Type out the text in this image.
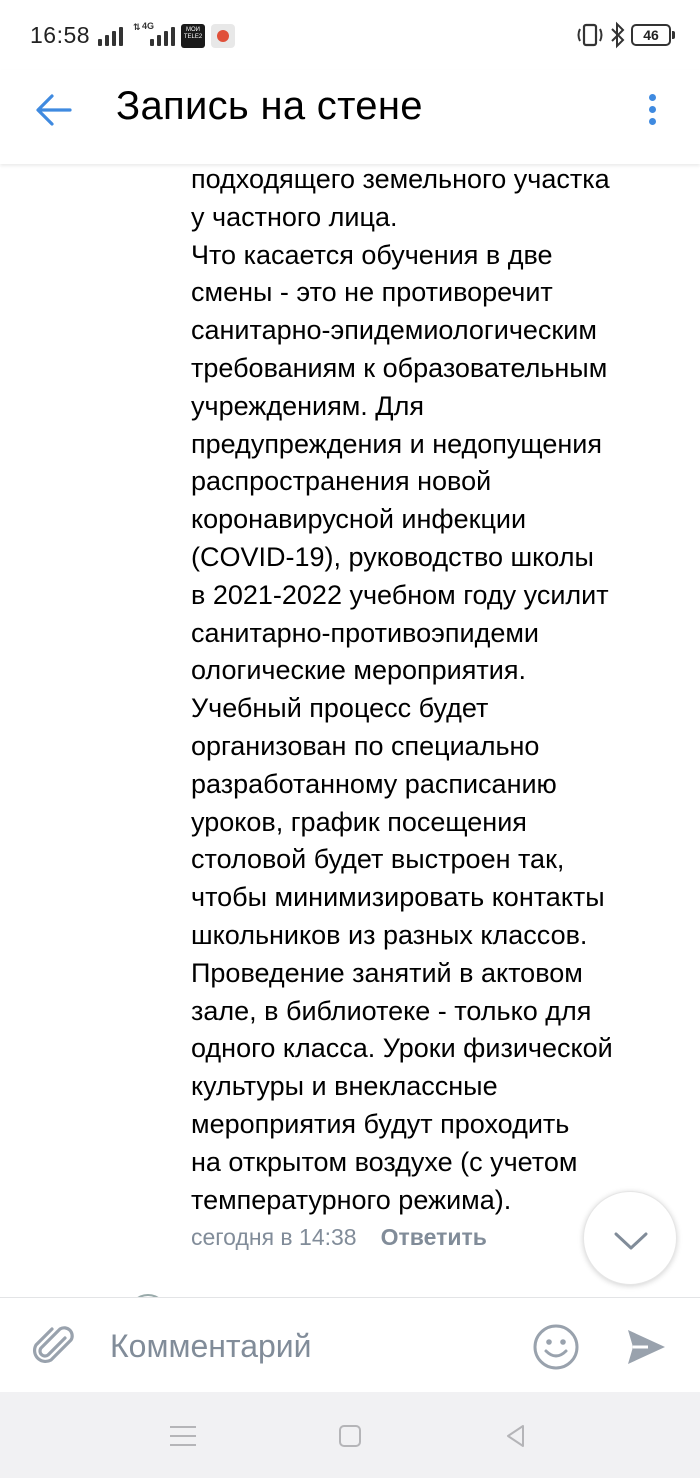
16:58	⇅ 4G	МОИ TELE2	46
Запись на стене
подходящего земельного участка
у частного лица.
Что касается обучения в две
смены - это не противоречит
санитарно-эпидемиологическим
требованиям к образовательным
учреждениям. Для
предупреждения и недопущения
распространения новой
коронавирусной инфекции
(COVID-19), руководство школы
в 2021-2022 учебном году усилит
санитарно-противоэпидеми
ологические мероприятия.
Учебный процесс будет
организован по специально
разработанному расписанию
уроков, график посещения
столовой будет выстроен так,
чтобы минимизировать контакты
школьников из разных классов.
Проведение занятий в актовом
зале, в библиотеке - только для
одного класса. Уроки физической
культуры и внеклассные
мероприятия будут проходить
на открытом воздухе (с учетом
температурного режима).
сегодня в 14:38 Ответить
Комментарий
